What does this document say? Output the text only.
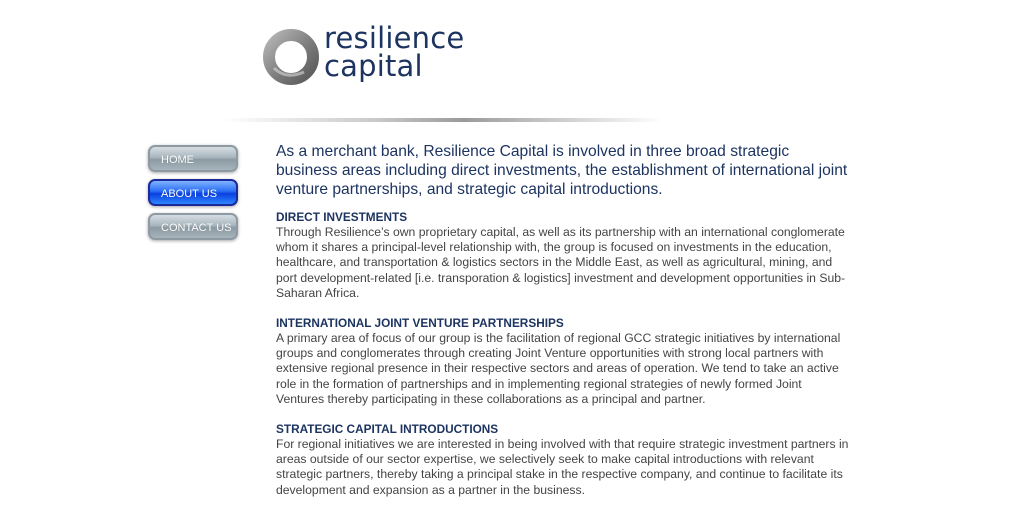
resilience
capital
HOME
ABOUT US
CONTACT US

As a merchant bank, Resilience Capital is involved in three broad strategic business areas including direct investments, the establishment of international joint venture partnerships, and strategic capital introductions.

DIRECT INVESTMENTS

Through Resilience’s own proprietary capital, as well as its partnership with an international conglomerate whom it shares a principal-level relationship with, the group is focused on investments in the education, healthcare, and transportation & logistics sectors in the Middle East, as well as agricultural, mining, and port development-related [i.e. transporation & logistics] investment and development opportunities in Sub-Saharan Africa.

INTERNATIONAL JOINT VENTURE PARTNERSHIPS

A primary area of focus of our group is the facilitation of regional GCC strategic initiatives by international groups and conglomerates through creating Joint Venture opportunities with strong local partners with extensive regional presence in their respective sectors and areas of operation. We tend to take an active role in the formation of partnerships and in implementing regional strategies of newly formed Joint Ventures thereby participating in these collaborations as a principal and partner.

STRATEGIC CAPITAL INTRODUCTIONS

For regional initiatives we are interested in being involved with that require strategic investment partners in areas outside of our sector expertise, we selectively seek to make capital introductions with relevant strategic partners, thereby taking a principal stake in the respective company, and continue to facilitate its development and expansion as a partner in the business.
